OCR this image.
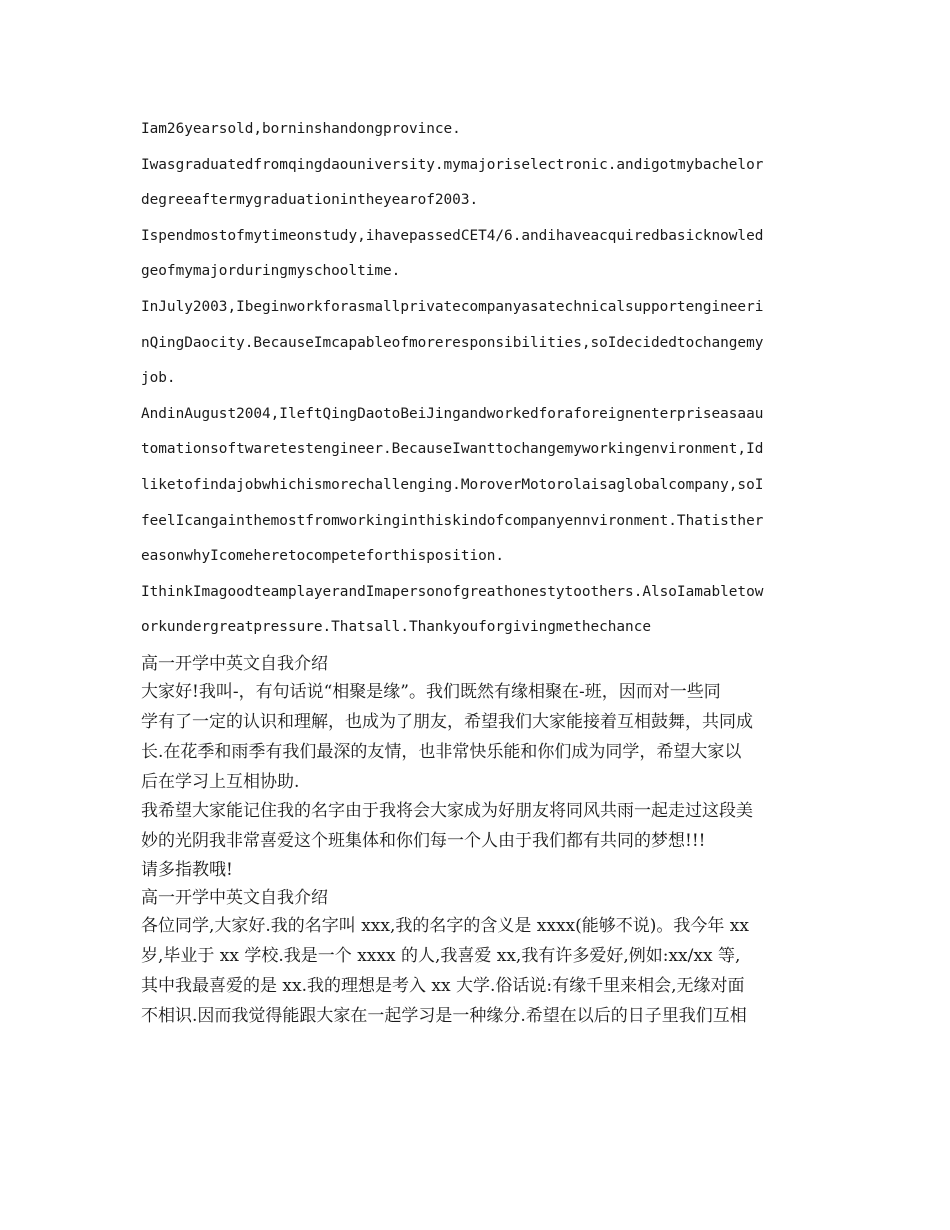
Iam26yearsold,borninshandongprovince.
Iwasgraduatedfromqingdaouniversity.mymajoriselectronic.andigotmybachelor
degreeaftermygraduationintheyearof2003.
Ispendmostofmytimeonstudy,ihavepassedCET4/6.andihaveacquiredbasicknowled
geofmymajorduringmyschooltime.
InJuly2003,Ibeginworkforasmallprivatecompanyasatechnicalsupportengineeri
nQingDaocity.BecauseImcapableofmoreresponsibilities,soIdecidedtochangemy
job.
AndinAugust2004,IleftQingDaotoBeiJingandworkedforaforeignenterpriseasaau
tomationsoftwaretestengineer.BecauseIwanttochangemyworkingenvironment,Id
liketofindajobwhichismorechallenging.MoroverMotorolaisaglobalcompany,soI
feelIcangainthemostfromworkinginthiskindofcompanyennvironment.Thatisther
easonwhyIcomeheretocompeteforthisposition.
IthinkImagoodteamplayerandImapersonofgreathonestytoothers.AlsoIamabletow
orkundergreatpressure.Thatsall.Thankyouforgivingmethechance
高一开学中英文自我介绍
大家好!我叫-，有句话说“相聚是缘”。我们既然有缘相聚在-班，因而对一些同
学有了一定的认识和理解，也成为了朋友，希望我们大家能接着互相鼓舞，共同成
长.在花季和雨季有我们最深的友情，也非常快乐能和你们成为同学，希望大家以
后在学习上互相协助.
我希望大家能记住我的名字由于我将会大家成为好朋友将同风共雨一起走过这段美
妙的光阴我非常喜爱这个班集体和你们每一个人由于我们都有共同的梦想!!!
请多指教哦!
高一开学中英文自我介绍
各位同学,大家好.我的名字叫 xxx,我的名字的含义是 xxxx(能够不说)。我今年 xx
岁,毕业于 xx 学校.我是一个 xxxx 的人,我喜爱 xx,我有许多爱好,例如:xx/xx 等,
其中我最喜爱的是 xx.我的理想是考入 xx 大学.俗话说:有缘千里来相会,无缘对面
不相识.因而我觉得能跟大家在一起学习是一种缘分.希望在以后的日子里我们互相
